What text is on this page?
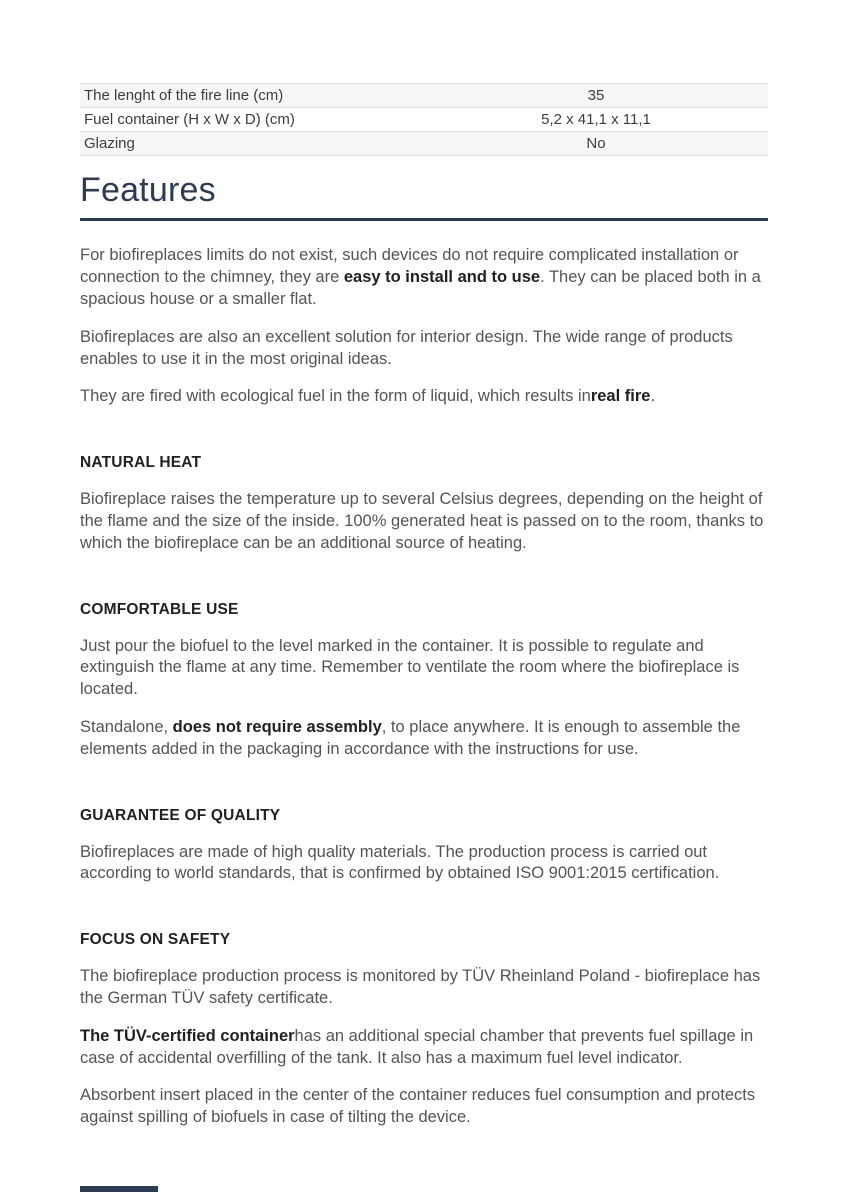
The lenght of the fire line (cm)	35
Fuel container (H x W x D) (cm)	5,2 x 41,1 x 11,1
Glazing	No
Features

For biofireplaces limits do not exist, such devices do not require complicated installation or connection to the chimney, they are easy to install and to use. They can be placed both in a spacious house or a smaller flat.

Biofireplaces are also an excellent solution for interior design. The wide range of products enables to use it in the most original ideas.

They are fired with ecological fuel in the form of liquid, which results inreal fire.

NATURAL HEAT

Biofireplace raises the temperature up to several Celsius degrees, depending on the height of the flame and the size of the inside. 100% generated heat is passed on to the room, thanks to which the biofireplace can be an additional source of heating.

COMFORTABLE USE

Just pour the biofuel to the level marked in the container. It is possible to regulate and extinguish the flame at any time. Remember to ventilate the room where the biofireplace is located.

Standalone, does not require assembly, to place anywhere. It is enough to assemble the elements added in the packaging in accordance with the instructions for use.

GUARANTEE OF QUALITY

Biofireplaces are made of high quality materials. The production process is carried out according to world standards, that is confirmed by obtained ISO 9001:2015 certification.

FOCUS ON SAFETY

The biofireplace production process is monitored by TÜV Rheinland Poland - biofireplace has the German TÜV safety certificate.

The TÜV-certified containerhas an additional special chamber that prevents fuel spillage in case of accidental overfilling of the tank. It also has a maximum fuel level indicator.

Absorbent insert placed in the center of the container reduces fuel consumption and protects against spilling of biofuels in case of tilting the device.
